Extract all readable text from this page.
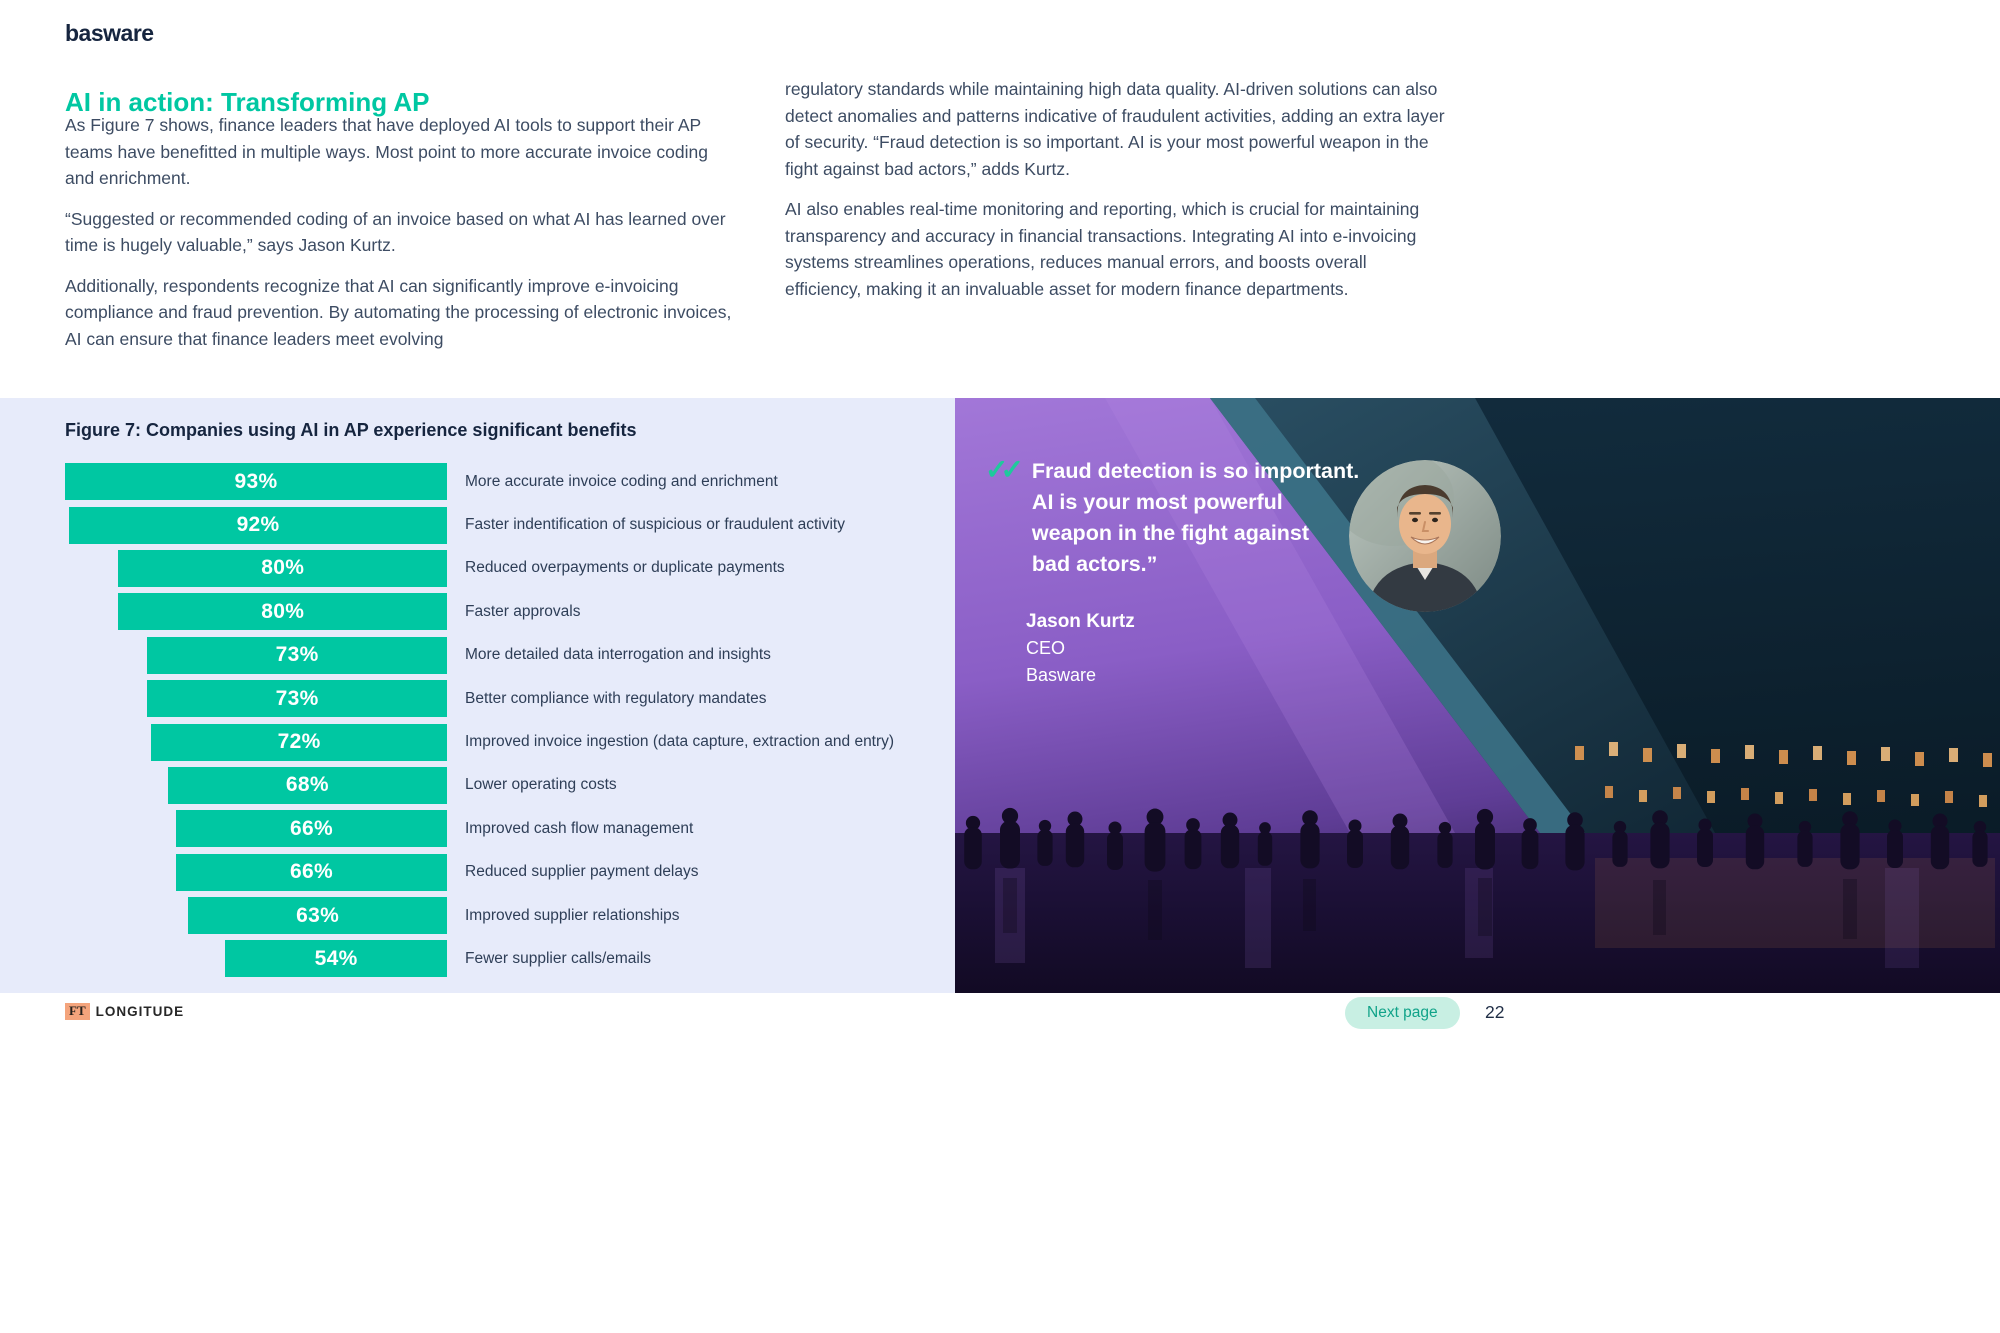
basware
AI in action: Transforming AP

As Figure 7 shows, finance leaders that have deployed AI tools to support their AP teams have benefitted in multiple ways. Most point to more accurate invoice coding and enrichment.

“Suggested or recommended coding of an invoice based on what AI has learned over time is hugely valuable,” says Jason Kurtz.

Additionally, respondents recognize that AI can significantly improve e-invoicing compliance and fraud prevention. By automating the processing of electronic invoices, AI can ensure that finance leaders meet evolving

regulatory standards while maintaining high data quality. AI-driven solutions can also detect anomalies and patterns indicative of fraudulent activities, adding an extra layer of security. “Fraud detection is so important. AI is your most powerful weapon in the fight against bad actors,” adds Kurtz.

AI also enables real-time monitoring and reporting, which is crucial for maintaining transparency and accuracy in financial transactions. Integrating AI into e-invoicing systems streamlines operations, reduces manual errors, and boosts overall efficiency, making it an invaluable asset for modern finance departments.

Figure 7: Companies using AI in AP experience significant benefits
93%	More accurate invoice coding and enrichment
92%	Faster indentification of suspicious or fraudulent activity
80%	Reduced overpayments or duplicate payments
80%	Faster approvals
73%	More detailed data interrogation and insights
73%	Better compliance with regulatory mandates
72%	Improved invoice ingestion (data capture, extraction and entry)
68%	Lower operating costs
66%	Improved cash flow management
66%	Reduced supplier payment delays
63%	Improved supplier relationships
54%	Fewer supplier calls/emails
✓✓ Fraud detection is so important.
AI is your most powerful
weapon in the fight against
bad actors.”
Jason Kurtz
CEO
Basware
FT LONGITUDE	Next page	22
